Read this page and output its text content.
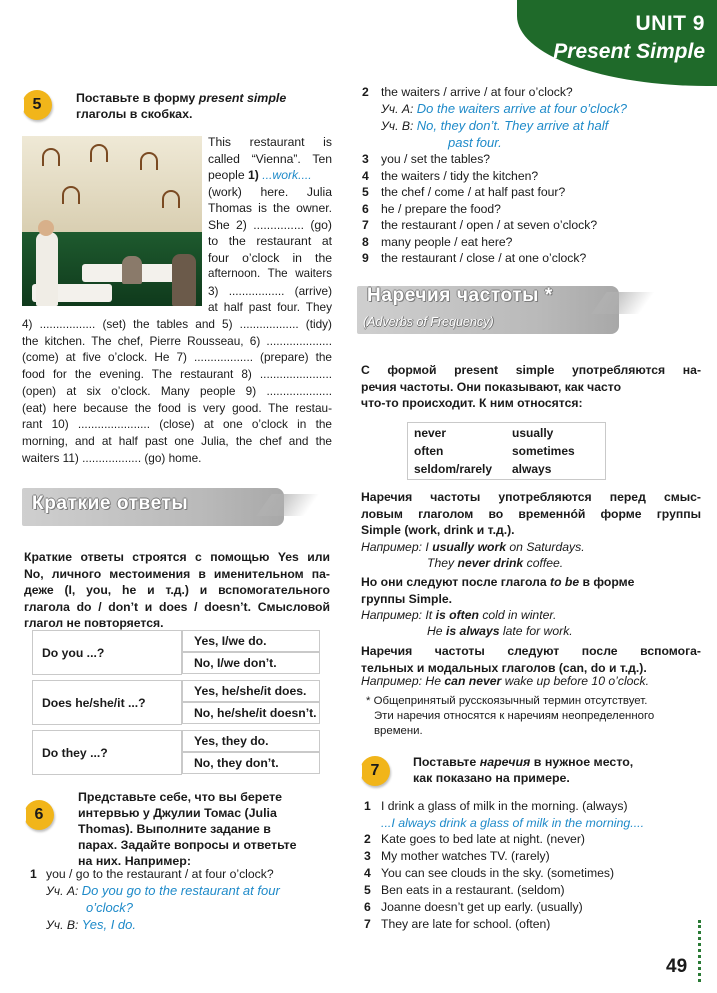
UNIT 9
Present Simple
5	Поставьте в форму present simple
глаголы в скобках.
This restaurant is
called “Vienna”. Ten
people 1) ...work....
(work) here. Julia
Thomas is the owner.
She 2) ............... (go)
to the restaurant at
four o’clock in the
afternoon. The waiters
3) ................. (arrive)
at half past four. They
4) ................. (set) the tables and 5) .................. (tidy)
the kitchen. The chef, Pierre Rousseau, 6) ....................
(come) at five o’clock. He 7) .................. (prepare) the
food for the evening. The restaurant 8) ......................
(open) at six o’clock. Many people 9) ....................
(eat) here because the food is very good. The restau-
rant 10) ...................... (close) at one o’clock in the
morning, and at half past one Julia, the chef and the
waiters 11) .................. (go) home.
Краткие ответы
Краткие ответы строятся с помощью Yes или
No, личного местоимения в именительном па-
деже (I, you, he и т.д.) и вспомогательного
глагола do / don’t и does / doesn’t. Смысловой
глагол не повторяется.
Do you ...?
Yes, I/we do.
No, I/we don’t.
Does he/she/it ...?
Yes, he/she/it does.
No, he/she/it doesn’t.
Do they ...?
Yes, they do.
No, they don’t.
6
Представьте себе, что вы берете
интервью у Джулии Томас (Julia
Thomas). Выполните задание в
парах. Задайте вопросы и ответьте
на них. Например:
1 you / go to the restaurant / at four o’clock?
Уч. А: Do you go to the restaurant at four
o’clock?
Уч. В: Yes, I do.
2 the waiters / arrive / at four o’clock?
Уч. А: Do the waiters arrive at four o’clock?
Уч. В: No, they don’t. They arrive at half
past four.
3 you / set the tables?
4 the waiters / tidy the kitchen?
5 the chef / come / at half past four?
6 he / prepare the food?
7 the restaurant / open / at seven o’clock?
8 many people / eat here?
9 the restaurant / close / at one o’clock?
Наречия частоты *
(Adverbs of Frequency)
С формой present simple употребляются на-
речия частоты. Они показывают, как часто
что-то происходит. К ним относятся:
never
often
seldom/rarely
usually
sometimes
always
Наречия частоты употребляются перед смыс-
ловым глаголом во временнóй форме группы
Simple (work, drink и т.д.).
Например: I usually work on Saturdays.
They never drink coffee.
Но они следуют после глагола to be в форме
группы Simple.
Например: It is often cold in winter.
He is always late for work.
Наречия частоты следуют после вспомога-
тельных и модальных глаголов (can, do и т.д.).
Например: He can never wake up before 10 o’clock.
* Общепринятый русскоязычный термин отсутствует.
Эти наречия относятся к наречиям неопределенного
времени.
7	Поставьте наречия в нужное место,
как показано на примере.
1 I drink a glass of milk in the morning. (always)
...I always drink a glass of milk in the morning....
2 Kate goes to bed late at night. (never)
3 My mother watches TV. (rarely)
4 You can see clouds in the sky. (sometimes)
5 Ben eats in a restaurant. (seldom)
6 Joanne doesn’t get up early. (usually)
7 They are late for school. (often)
49
